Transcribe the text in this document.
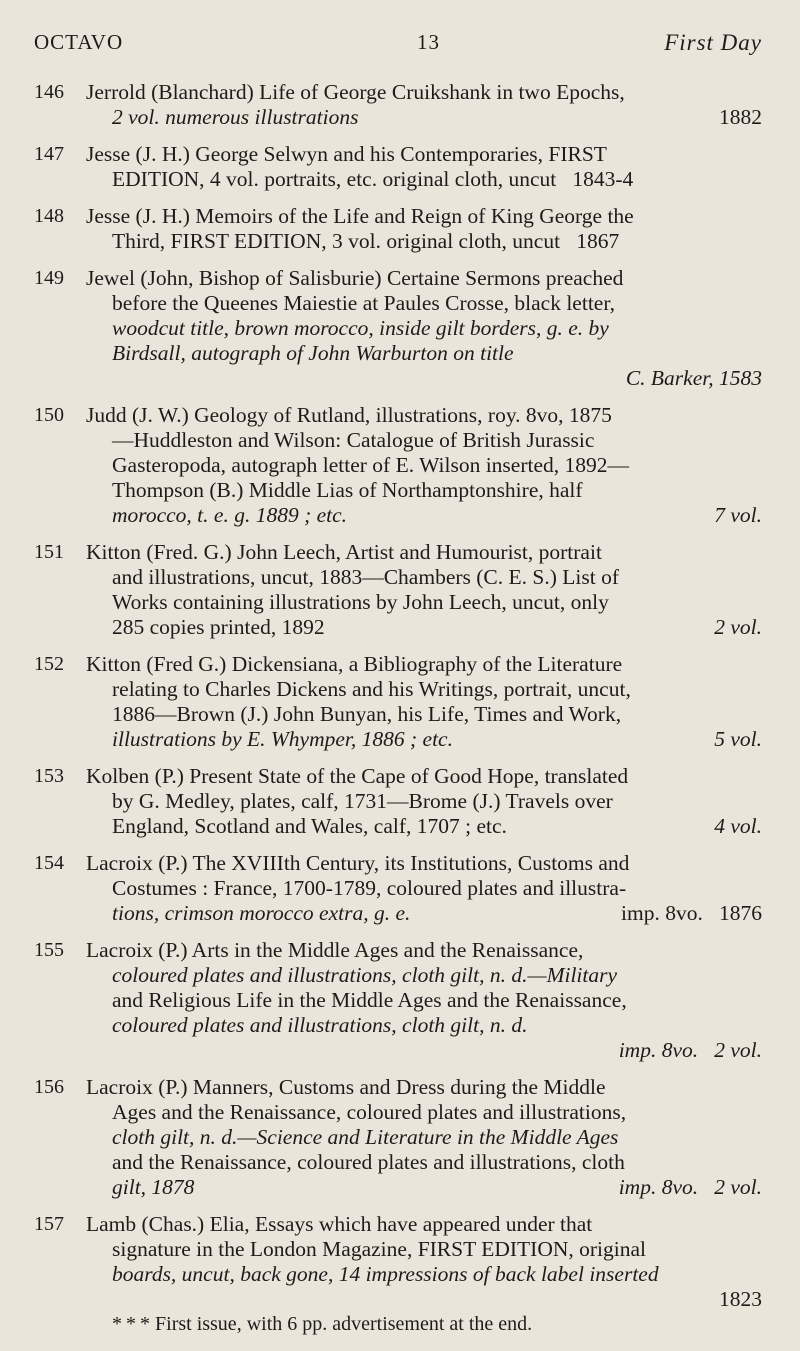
OCTAVO	13	First Day
146	Jerrold (Blanchard) Life of George Cruikshank in two Epochs,
2 vol. numerous illustrations	1882
147	Jesse (J. H.) George Selwyn and his Contemporaries, FIRST
EDITION, 4 vol. portraits, etc. original cloth, uncut   1843-4
148	Jesse (J. H.) Memoirs of the Life and Reign of King George the
Third, FIRST EDITION, 3 vol. original cloth, uncut   1867
149	Jewel (John, Bishop of Salisburie) Certaine Sermons preached
before the Queenes Maiestie at Paules Crosse, black letter,
woodcut title, brown morocco, inside gilt borders, g. e. by
Birdsall, autograph of John Warburton on title
C. Barker, 1583
150	Judd (J. W.) Geology of Rutland, illustrations, roy. 8vo, 1875
—Huddleston and Wilson: Catalogue of British Jurassic
Gasteropoda, autograph letter of E. Wilson inserted, 1892—
Thompson (B.) Middle Lias of Northamptonshire, half
morocco, t. e. g. 1889 ; etc.	7 vol.
151	Kitton (Fred. G.) John Leech, Artist and Humourist, portrait
and illustrations, uncut, 1883—Chambers (C. E. S.) List of
Works containing illustrations by John Leech, uncut, only
285 copies printed, 1892	2 vol.
152	Kitton (Fred G.) Dickensiana, a Bibliography of the Literature
relating to Charles Dickens and his Writings, portrait, uncut,
1886—Brown (J.) John Bunyan, his Life, Times and Work,
illustrations by E. Whymper, 1886 ; etc.	5 vol.
153	Kolben (P.) Present State of the Cape of Good Hope, translated
by G. Medley, plates, calf, 1731—Brome (J.) Travels over
England, Scotland and Wales, calf, 1707 ; etc.	4 vol.
154	Lacroix (P.) The XVIIIth Century, its Institutions, Customs and
Costumes : France, 1700-1789, coloured plates and illustra-
tions, crimson morocco extra, g. e.	imp. 8vo.   1876
155	Lacroix (P.) Arts in the Middle Ages and the Renaissance,
coloured plates and illustrations, cloth gilt, n. d.—Military
and Religious Life in the Middle Ages and the Renaissance,
coloured plates and illustrations, cloth gilt, n. d.
imp. 8vo.   2 vol.
156	Lacroix (P.) Manners, Customs and Dress during the Middle
Ages and the Renaissance, coloured plates and illustrations,
cloth gilt, n. d.—Science and Literature in the Middle Ages
and the Renaissance, coloured plates and illustrations, cloth
gilt, 1878	imp. 8vo.   2 vol.
157	Lamb (Chas.) Elia, Essays which have appeared under that
signature in the London Magazine, FIRST EDITION, original
boards, uncut, back gone, 14 impressions of back label inserted
1823
* * * First issue, with 6 pp. advertisement at the end.
